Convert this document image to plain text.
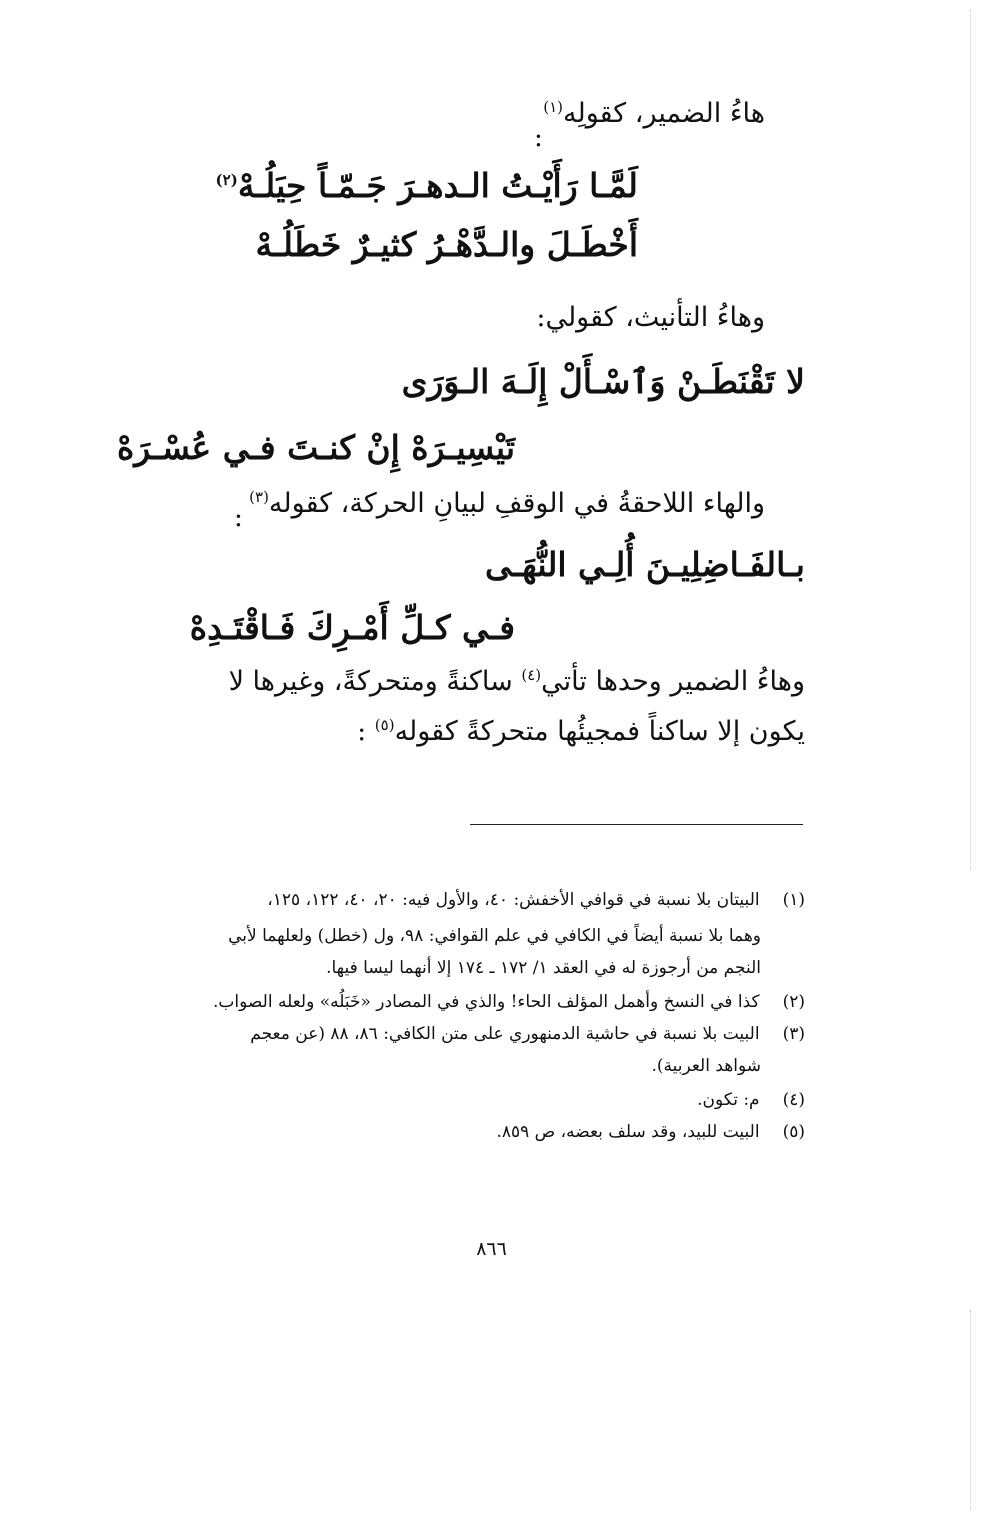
هاءُ الضمير، كقولِه$^{(١)}$
:
لَمَّـا رَأَيْـتُ الـدهـرَ جَـمّـاً حِيَلُـهْ$^{(٢)}$
أَخْطَـلَ والـدَّهْـرُ كثيـرٌ خَطَلُـهْ
وهاءُ التأنيث، كقولي:
لا تَقْنَطَـنْ وَٱسْـأَلْ إِلَـهَ الـوَرَى
تَيْسِيـرَهْ إِنْ كنـتَ فـي عُسْـرَهْ
والهاء اللاحقةُ في الوقفِ لبيانِ الحركة، كقوله$^{(٣)}$
:
بـالفَـاضِلِيـنَ أُلِـي النُّهَـى
فـي كـلِّ أَمْـرِكَ فَـاقْتَـدِهْ
وهاءُ الضمير وحدها تأتي$^{(٤)}$ ساكنةً ومتحركةً، وغيرها لا
يكون إلا ساكناً فمجيئُها متحركةً كقوله$^{(٥)}$ :
(١) البيتان بلا نسبة في قوافي الأخفش: ٤٠، والأول فيه: ٢٠، ٤٠، ١٢٢، ١٢٥،
وهما بلا نسبة أيضاً في الكافي في علم القوافي: ٩٨، ول (خطل) ولعلهما لأبي
النجم من أرجوزة له في العقد ١/ ١٧٢ ـ ١٧٤ إلا أنهما ليسا فيها.
(٢) كذا في النسخ وأهمل المؤلف الحاء! والذي في المصادر «خَبَلُه» ولعله الصواب.
(٣) البيت بلا نسبة في حاشية الدمنهوري على متن الكافي: ٨٦، ٨٨ (عن معجم
شواهد العربية).
(٤) م: تكون.
(٥) البيت للبيد، وقد سلف بعضه، ص ٨٥٩.
٨٦٦
